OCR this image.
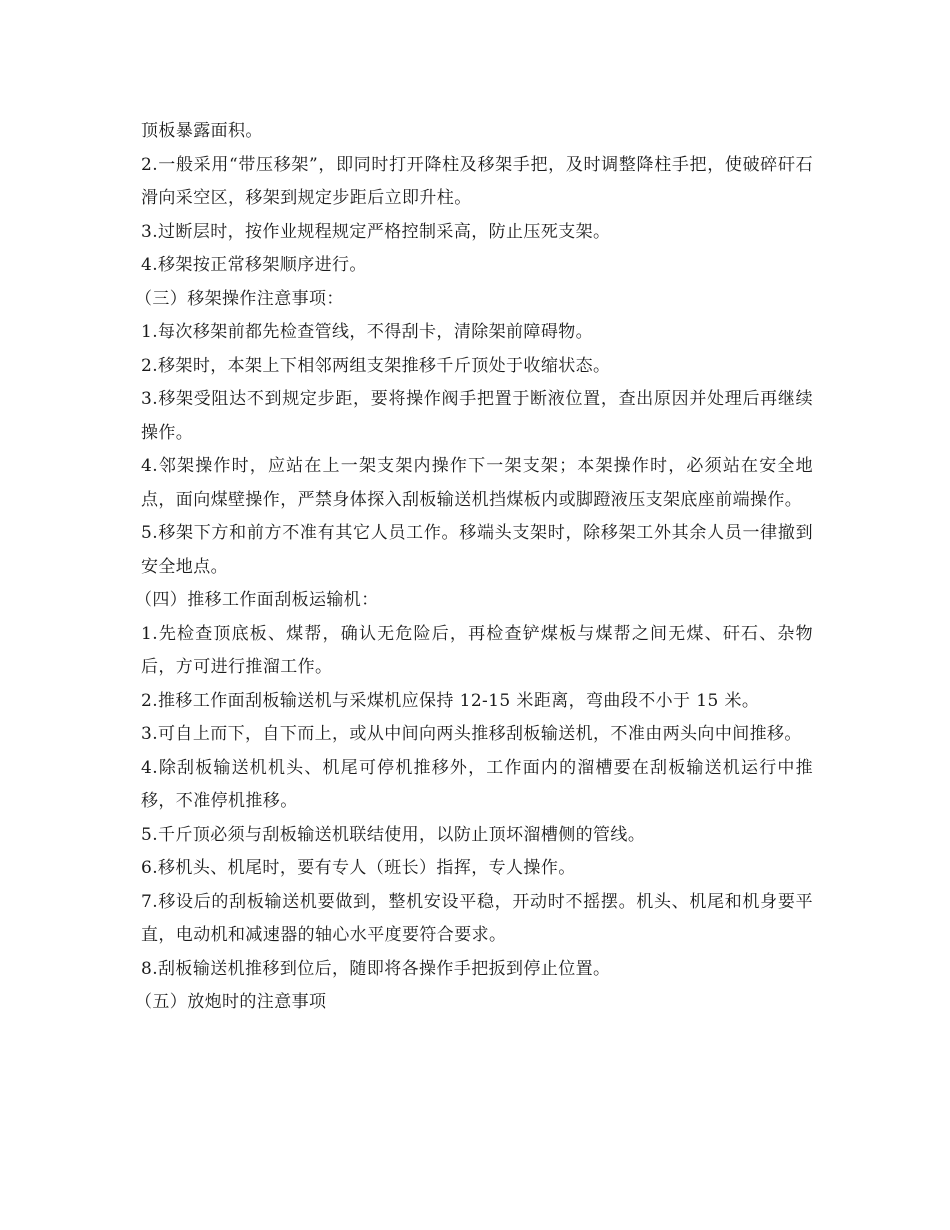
顶板暴露面积。

2.一般采用“带压移架”，即同时打开降柱及移架手把，及时调整降柱手把，使破碎矸石滑向采空区，移架到规定步距后立即升柱。

3.过断层时，按作业规程规定严格控制采高，防止压死支架。

4.移架按正常移架顺序进行。

（三）移架操作注意事项：

1.每次移架前都先检查管线，不得刮卡，清除架前障碍物。

2.移架时，本架上下相邻两组支架推移千斤顶处于收缩状态。

3.移架受阻达不到规定步距，要将操作阀手把置于断液位置，查出原因并处理后再继续操作。

4.邻架操作时，应站在上一架支架内操作下一架支架；本架操作时，必须站在安全地点，面向煤壁操作，严禁身体探入刮板输送机挡煤板内或脚蹬液压支架底座前端操作。

5.移架下方和前方不准有其它人员工作。移端头支架时，除移架工外其余人员一律撤到安全地点。

（四）推移工作面刮板运输机：

1.先检查顶底板、煤帮，确认无危险后，再检查铲煤板与煤帮之间无煤、矸石、杂物后，方可进行推溜工作。

2.推移工作面刮板输送机与采煤机应保持 12-15 米距离，弯曲段不小于 15 米。

3.可自上而下，自下而上，或从中间向两头推移刮板输送机，不准由两头向中间推移。

4.除刮板输送机机头、机尾可停机推移外，工作面内的溜槽要在刮板输送机运行中推移，不准停机推移。

5.千斤顶必须与刮板输送机联结使用，以防止顶坏溜槽侧的管线。

6.移机头、机尾时，要有专人（班长）指挥，专人操作。

7.移设后的刮板输送机要做到，整机安设平稳，开动时不摇摆。机头、机尾和机身要平直，电动机和减速器的轴心水平度要符合要求。

8.刮板输送机推移到位后，随即将各操作手把扳到停止位置。

（五）放炮时的注意事项
